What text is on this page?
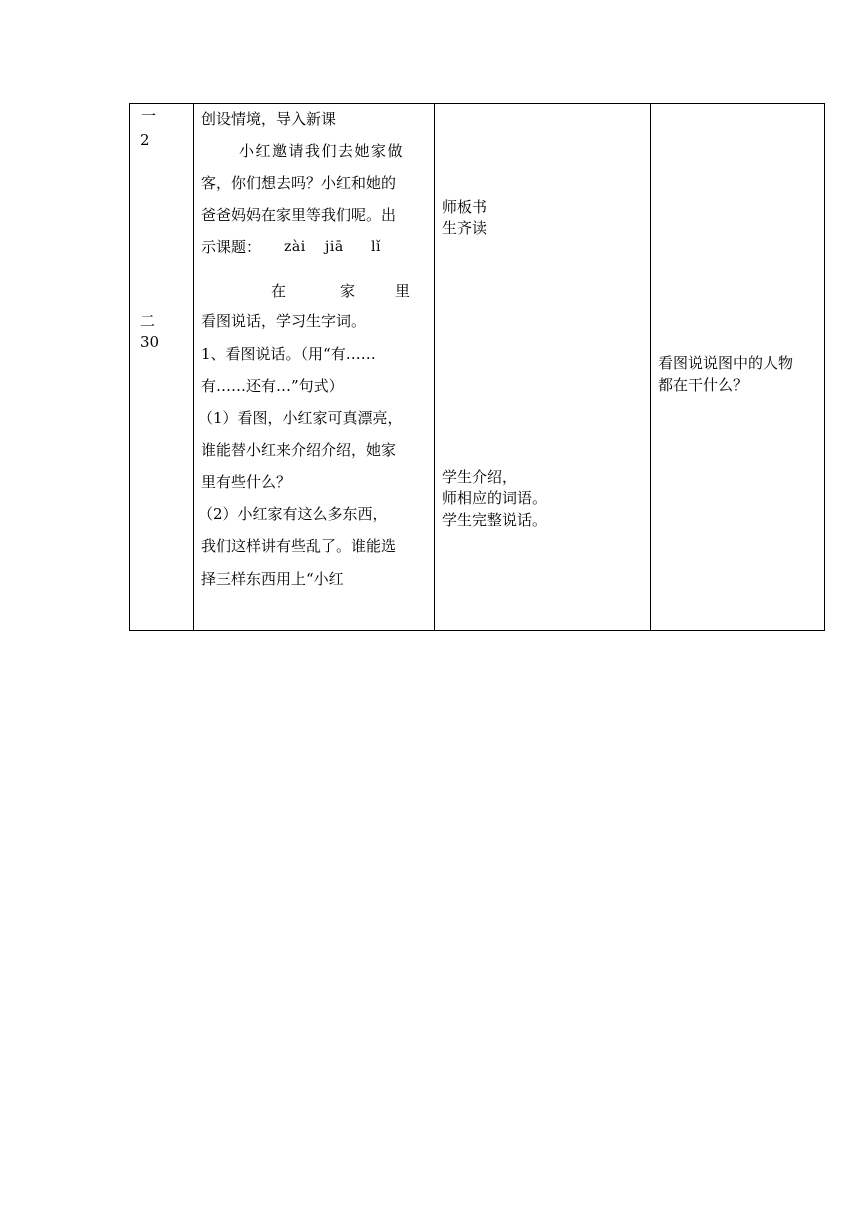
一
2
二
30

创设情境，导入新课
小红邀请我们去她家做
客，你们想去吗？小红和她的
爸爸妈妈在家里等我们呢。出
示课题： zài jiā lǐ
在	家	里
看图说话，学习生字词。
1、看图说话。（用“有……
有……还有…”句式）
（1）看图，小红家可真漂亮，
谁能替小红来介绍介绍，她家
里有些什么？
（2）小红家有这么多东西，
我们这样讲有些乱了。谁能选
择三样东西用上“小红

师板书
生齐读
学生介绍，
师相应的词语。
学生完整说话。

看图说说图中的人物
都在干什么？
